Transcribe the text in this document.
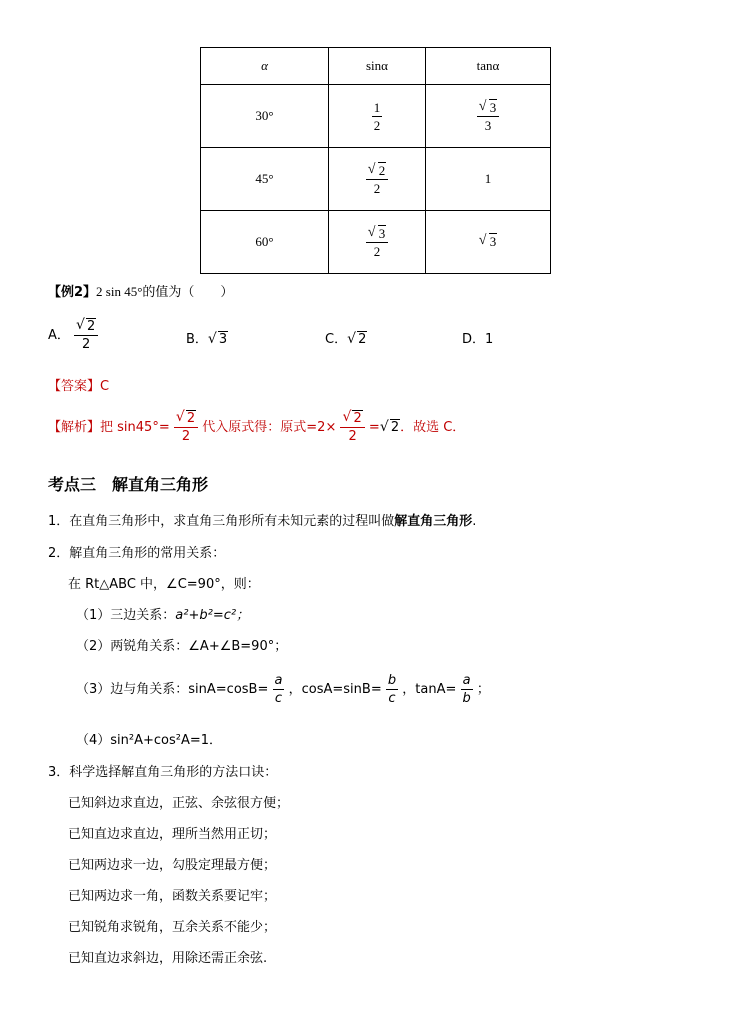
α	sinα	tanα
30°	$\frac{1}{2}$	√ $\frac{3}{3}$

45°	√ $\frac{2}{2}$	1
60°	√ $\frac{3}{2}$	√ 3
【例2】2 sin 45°的值为（　　）
A． √ $\frac{2}{2}$	B． √ 3	C． √ 2	D．1
【答案】C
【解析】把 sin45°= √ $\frac{2}{2}$ 代入原式得：原式=2× √ $\frac{2}{2}$ = √ 2．故选 C．
考点三　解直角三角形
1．在直角三角形中，求直角三角形所有未知元素的过程叫做解直角三角形.
2．解直角三角形的常用关系：
在 Rt△ABC 中，∠C=90°，则：
（1）三边关系：a²+b²=c²；
（2）两锐角关系：∠A+∠B=90°；
（3）边与角关系：$\sin A=\cos B= \frac{a}{c}$ ，$\cos A=\sin B= \frac{b}{c}$ ，$\tan A= \frac{a}{b}$ ；
（4）sin²A+cos²A=1．
3．科学选择解直角三角形的方法口诀：
已知斜边求直边，正弦、余弦很方便；
已知直边求直边，理所当然用正切；
已知两边求一边，勾股定理最方便；
已知两边求一角，函数关系要记牢；
已知锐角求锐角，互余关系不能少；
已知直边求斜边，用除还需正余弦.
